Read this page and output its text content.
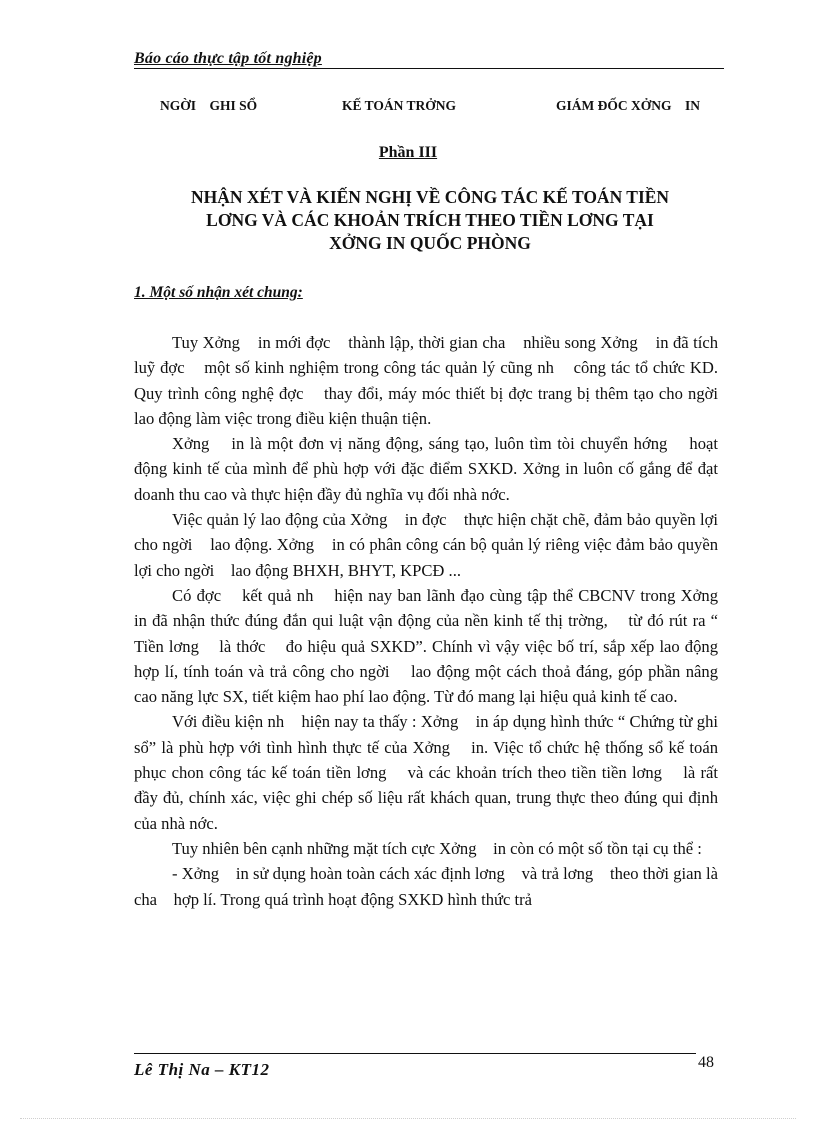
Báo cáo thực tập tốt nghiệp
NGỜI    GHI SỔ	KẾ TOÁN TRỞNG	GIÁM ĐỐC XỞNG    IN
Phần III
NHẬN XÉT VÀ KIẾN NGHỊ VỀ CÔNG TÁC KẾ TOÁN TIỀN
LƠNG VÀ CÁC KHOẢN TRÍCH THEO TIỀN LƠNG TẠI
XỞNG IN QUỐC PHÒNG
1. Một số nhận xét chung:

Tuy Xởng    in mới đợc    thành lập, thời gian cha    nhiều song Xởng    in đã tích luỹ đợc    một số kinh nghiệm trong công tác quản lý cũng nh    công tác tổ chức KD. Quy trình công nghệ đợc    thay đổi, máy móc thiết bị đợc trang bị thêm tạo cho ngời    lao động làm việc trong điều kiện thuận tiện.

Xởng    in là một đơn vị năng động, sáng tạo, luôn tìm tòi chuyển hớng    hoạt động kinh tế của mình để phù hợp với đặc điểm SXKD. Xởng in luôn cố gắng để đạt doanh thu cao và thực hiện đầy đủ nghĩa vụ đối nhà nớc.

Việc quản lý lao động của Xởng    in đợc    thực hiện chặt chẽ, đảm bảo quyền lợi cho ngời    lao động. Xởng    in có phân công cán bộ quản lý riêng việc đảm bảo quyền lợi cho ngời    lao động BHXH, BHYT, KPCĐ ...

Có đợc    kết quả nh    hiện nay ban lãnh đạo cùng tập thể CBCNV trong Xởng    in đã nhận thức đúng đắn qui luật vận động của nền kinh tế thị trờng,    từ đó rút ra “ Tiền lơng    là thớc    đo hiệu quả SXKD”. Chính vì vậy việc bố trí, sắp xếp lao động hợp lí, tính toán và trả công cho ngời    lao động một cách thoả đáng, góp phần nâng cao năng lực SX, tiết kiệm hao phí lao động. Từ đó mang lại hiệu quả kinh tế cao.

Với điều kiện nh    hiện nay ta thấy : Xởng    in áp dụng hình thức “ Chứng từ ghi sổ” là phù hợp với tình hình thực tế của Xởng    in. Việc tổ chức hệ thống sổ kế toán phục chon công tác kế toán tiền lơng    và các khoản trích theo tiền tiền lơng    là rất đầy đủ, chính xác, việc ghi chép số liệu rất khách quan, trung thực theo đúng qui định của nhà nớc.

Tuy nhiên bên cạnh những mặt tích cực Xởng    in còn có một số tồn tại cụ thể :

- Xởng    in sử dụng hoàn toàn cách xác định lơng    và trả lơng    theo thời gian là cha    hợp lí. Trong quá trình hoạt động SXKD hình thức trả

Lê Thị Na – KT12	48
